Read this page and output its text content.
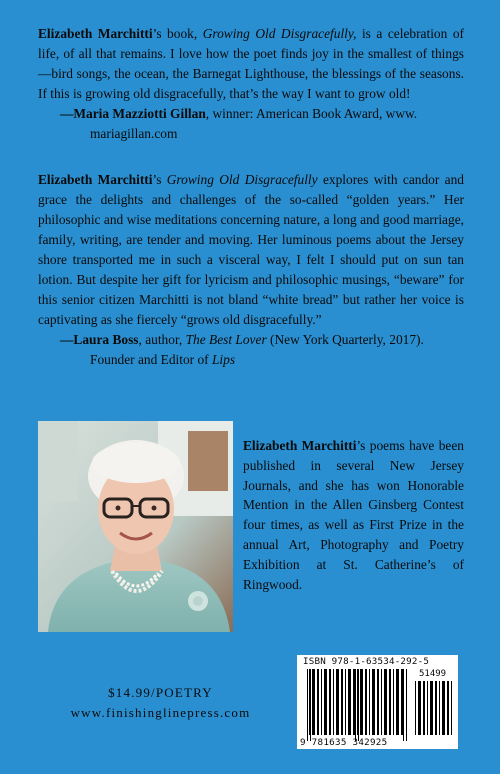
Elizabeth Marchitti’s book, Growing Old Disgracefully, is a celebration of life, of all that remains. I love how the poet finds joy in the smallest of things—bird songs, the ocean, the Barnegat Lighthouse, the blessings of the seasons. If this is growing old disgracefully, that’s the way I want to grow old!

—Maria Mazziotti Gillan, winner: American Book Award, www. mariagillan.com

Elizabeth Marchitti’s Growing Old Disgracefully explores with candor and grace the delights and challenges of the so-called “golden years.” Her philosophic and wise meditations concerning nature, a long and good marriage, family, writing, are tender and moving. Her luminous poems about the Jersey shore transported me in such a visceral way, I felt I should put on sun tan lotion. But despite her gift for lyricism and philosophic musings, “beware” for this senior citizen Marchitti is not bland “white bread” but rather her voice is captivating as she fiercely “grows old disgracefully.”

—Laura Boss, author, The Best Lover (New York Quarterly, 2017). Founder and Editor of Lips

Elizabeth Marchitti’s poems have been published in several New Jersey Journals, and she has won Honorable Mention in the Allen Ginsberg Contest four times, as well as First Prize in the annual Art, Photography and Poetry Exhibition at St. Catherine’s of Ringwood.
$14.99/POETRY
www.finishinglinepress.com
ISBN 978-1-63534-292-5
51499
9 781635 342925
